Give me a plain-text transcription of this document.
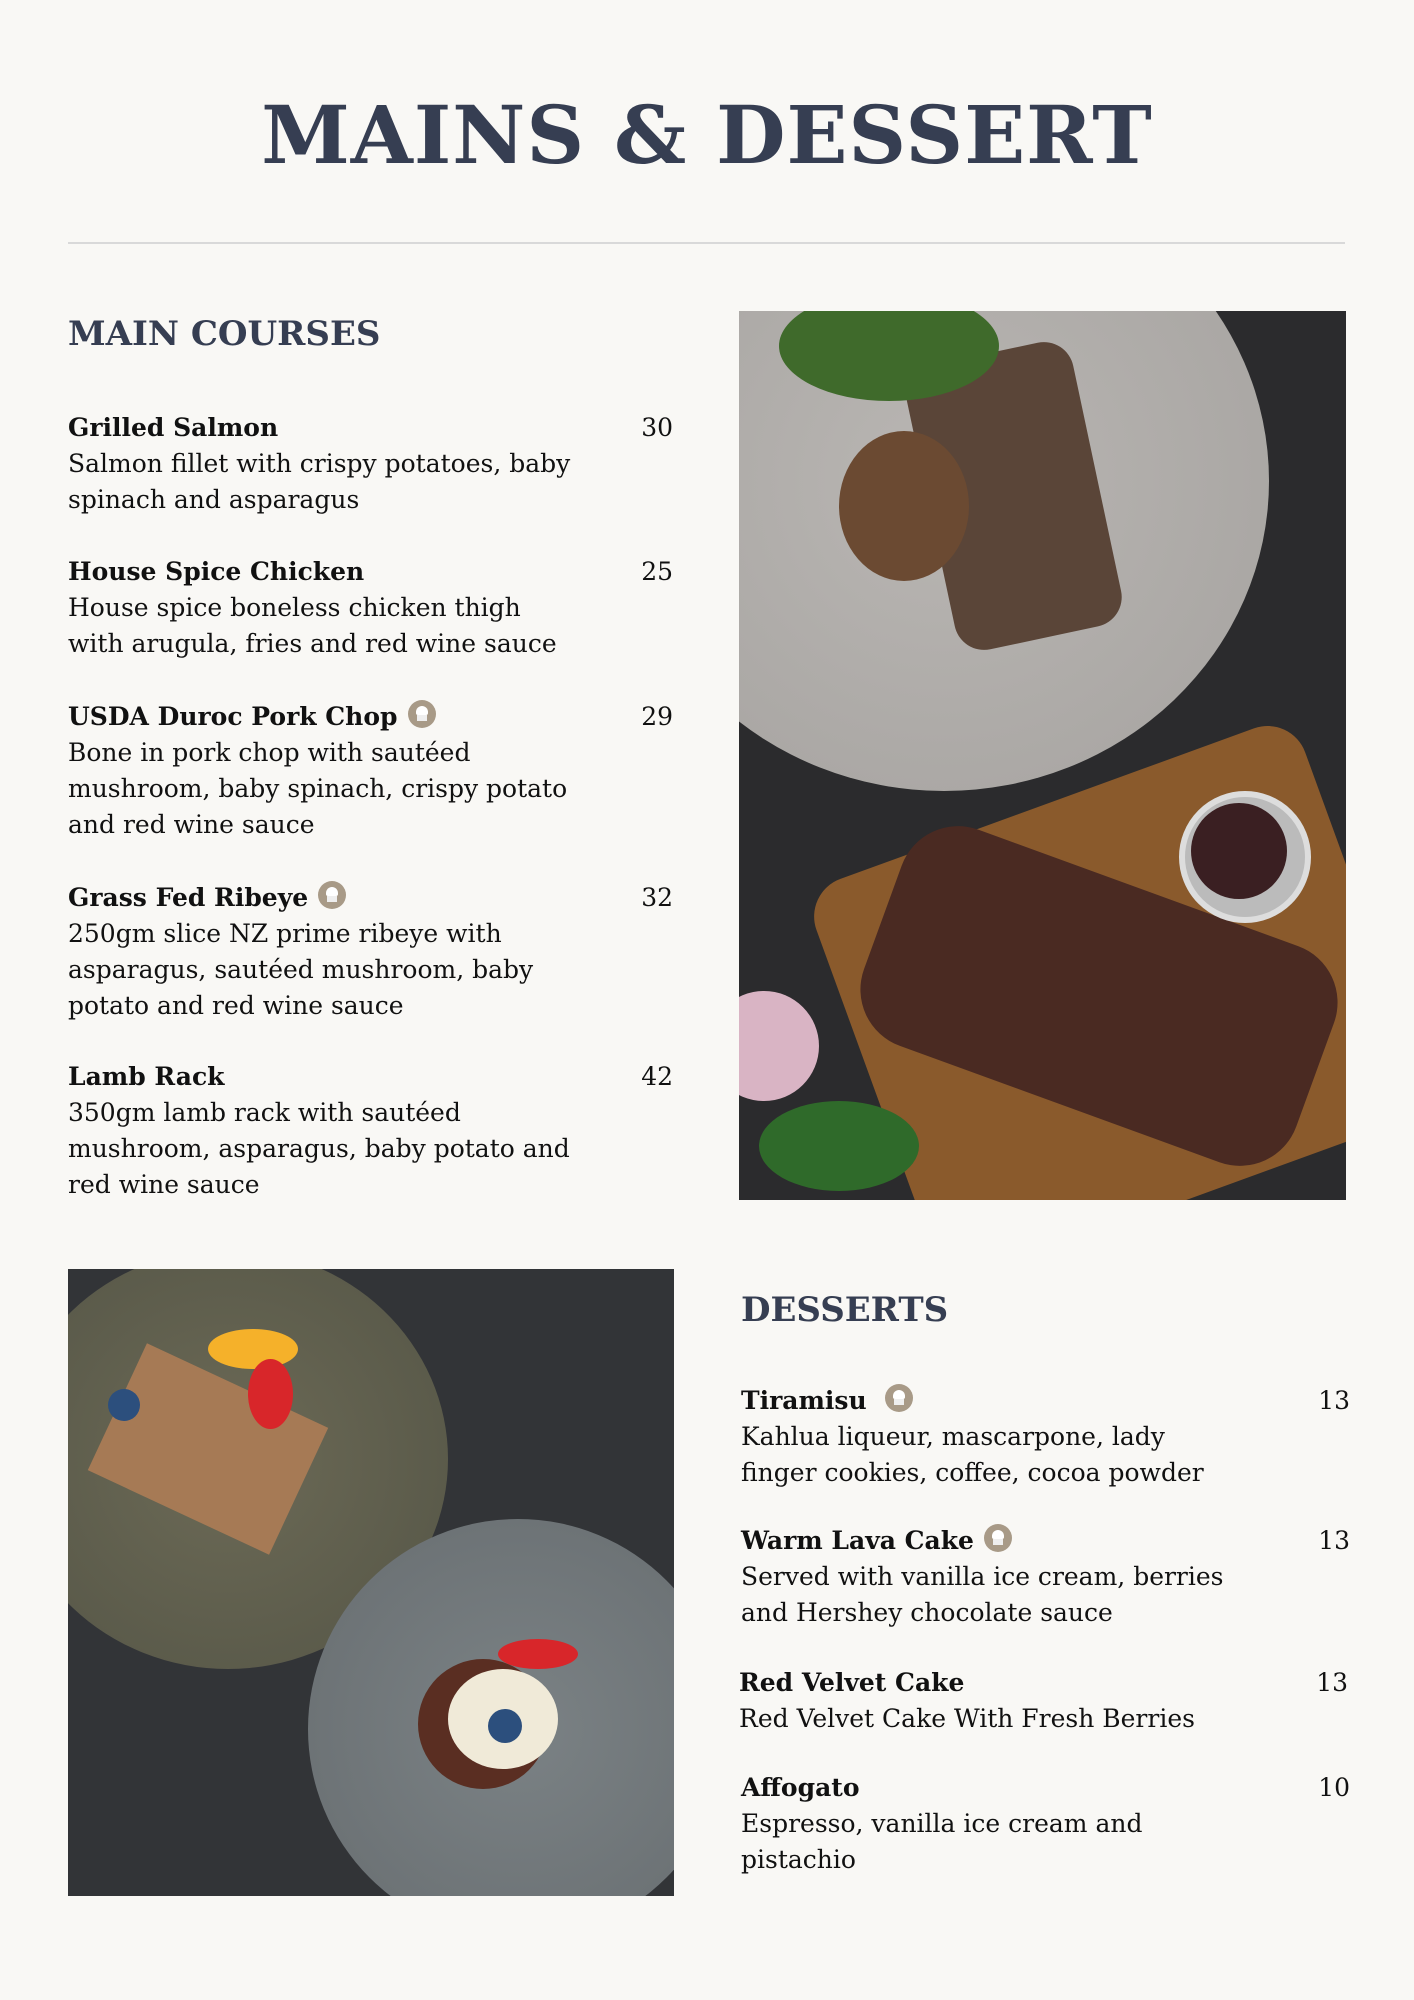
MAINS & DESSERT
MAIN COURSES
Grilled Salmon	30
Salmon fillet with crispy potatoes, baby spinach and asparagus
House Spice Chicken	25
House spice boneless chicken thigh with arugula, fries and red wine sauce
USDA Duroc Pork Chop	29
Bone in pork chop with sautéed mushroom, baby spinach, crispy potato and red wine sauce
Grass Fed Ribeye	32
250gm slice NZ prime ribeye with asparagus, sautéed mushroom, baby potato and red wine sauce
Lamb Rack	42
350gm lamb rack with sautéed mushroom, asparagus, baby potato and red wine sauce
DESSERTS
Tiramisu	13
Kahlua liqueur, mascarpone, lady finger cookies, coffee, cocoa powder
Warm Lava Cake	13
Served with vanilla ice cream, berries and Hershey chocolate sauce
Red Velvet Cake	13
Red Velvet Cake With Fresh Berries
Affogato	10
Espresso, vanilla ice cream and pistachio
